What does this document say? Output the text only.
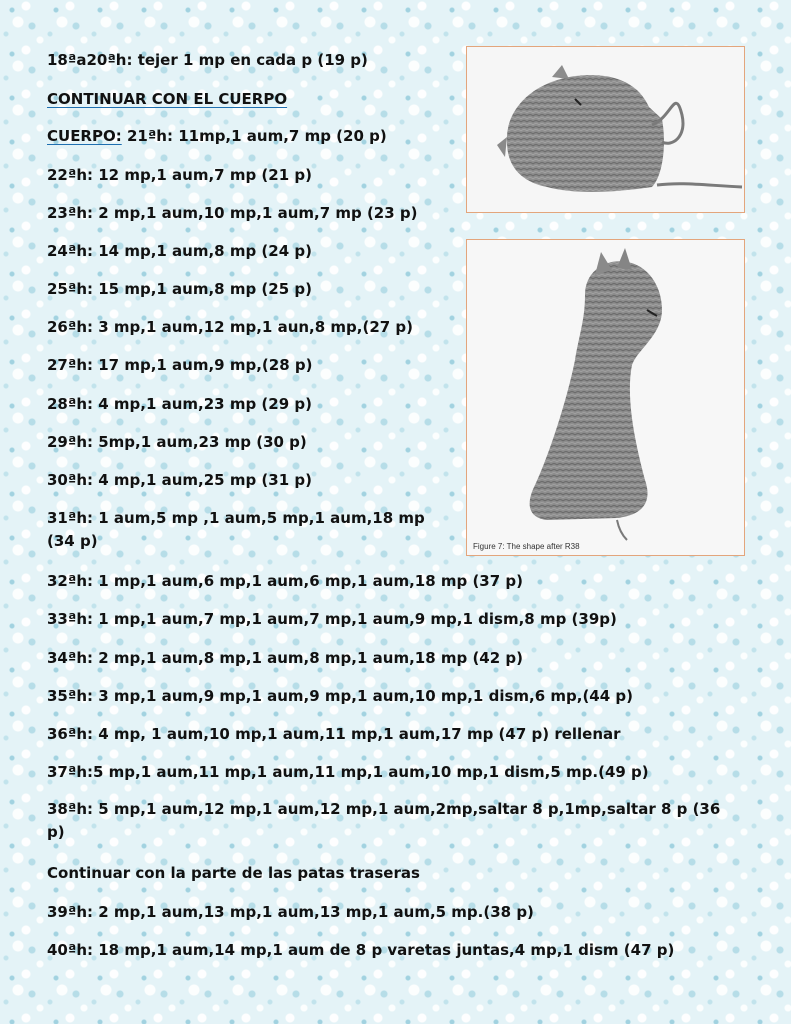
18ªa20ªh: tejer 1 mp en cada p (19 p)
CONTINUAR CON EL CUERPO
CUERPO: 21ªh: 11mp,1 aum,7 mp (20 p)
22ªh: 12 mp,1 aum,7 mp (21 p)
23ªh: 2 mp,1 aum,10 mp,1 aum,7 mp (23 p)
24ªh: 14 mp,1 aum,8 mp (24 p)
25ªh: 15 mp,1 aum,8 mp (25 p)
26ªh: 3 mp,1 aum,12 mp,1 aun,8 mp,(27 p)
27ªh: 17 mp,1 aum,9 mp,(28 p)
28ªh: 4 mp,1 aum,23 mp (29 p)
29ªh: 5mp,1 aum,23 mp (30 p)
30ªh: 4 mp,1 aum,25 mp (31 p)
31ªh: 1 aum,5 mp ,1 aum,5 mp,1 aum,18 mp (34 p)
32ªh: 1 mp,1 aum,6 mp,1 aum,6 mp,1 aum,18 mp (37 p)
33ªh: 1 mp,1 aum,7 mp,1 aum,7 mp,1 aum,9 mp,1 dism,8 mp (39p)
34ªh: 2 mp,1 aum,8 mp,1 aum,8 mp,1 aum,18 mp (42 p)
35ªh: 3 mp,1 aum,9 mp,1 aum,9 mp,1 aum,10 mp,1 dism,6 mp,(44 p)
36ªh: 4 mp, 1 aum,10 mp,1 aum,11 mp,1 aum,17 mp (47 p) rellenar
37ªh:5 mp,1 aum,11 mp,1 aum,11 mp,1 aum,10 mp,1 dism,5 mp.(49 p)
38ªh: 5 mp,1 aum,12 mp,1 aum,12 mp,1 aum,2mp,saltar 8 p,1mp,saltar 8 p (36 p)
Continuar con la parte de las patas traseras
39ªh: 2 mp,1 aum,13 mp,1 aum,13 mp,1 aum,5 mp.(38 p)
40ªh: 18 mp,1 aum,14 mp,1 aum de 8 p varetas juntas,4 mp,1 dism (47 p)
Figure 7: The shape after R38
